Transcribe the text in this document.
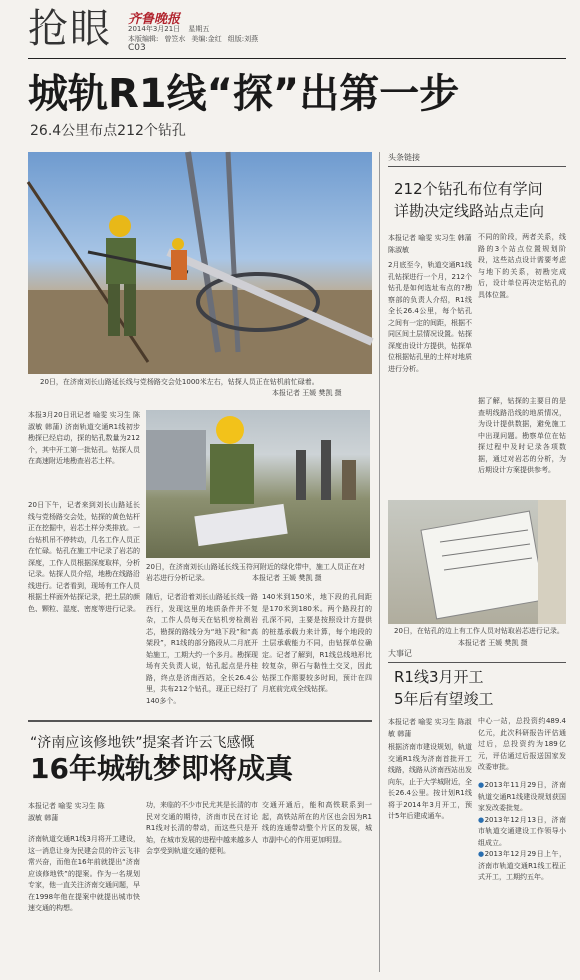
抢眼 齐鲁晚报
2014年3月21日 星期五
本版编辑: 曾笠水 美编:金红 组版:刘燕
C03
城轨R1线“探”出第一步
26.4公里布点212个钻孔
20日，在济南刘长山路延长线与党杨路交会处1000米左右，钻探人员正在钻机前忙碌着。
本报记者 王媛 樊凯 摄
本报3月20日讯记者 喻雯 实习生 陈淑敏 韩蒲) 济南轨道交通R1线初步勘探已经启动，探的钻孔数量为212个，其中开工第一批钻孔。钻探人员在高速附近地勘查岩芯土样。
20日下午，记者来到刘长山路延长线与党杨路交会处，钻探的黄色钻杆正在挖掘中，岩芯土样分类排放。一台钻机吊不停转动，几名工作人员正在忙碌。钻孔在施工中记录了岩芯的深度，工作人员根据深度取样，分析记录。钻探人员介绍，地勘在线路沿线进行。记者看到，现场有工作人员根据土样面外钻探记录，把土层的颜色、颗粒、湿度、密度等进行记录。
20日，在济南刘长山路延长线玉符河附近的绿化带中，施工人员正在对岩芯进行分析记录。	本报记者 王媛 樊凯 摄
随后，记者沿着刘长山路延长线一路西行，发现这里的地质条件并不复杂，工作人员每天在钻机旁检测岩芯，勘探的路线分为“地下段”和“高架段”，R1线的部分路段从二月底开始施工，工期大约一个多月。勘探现场有关负责人说，钻孔起点是丹桂路，终点是济南西站，全长26.4公里，共布212个钻孔，现正已经打了140多个。
140米到150米，地下段的孔间距是170米到180米。两个路段打的孔深不同，主要是按照设计方提供的桩基承载力来计算，每个地段的土层承载能力不同，由钻探单位确定。记者了解到，R1线总线地形比较复杂，卵石与黏性土交叉，因此钻探工作需要较多时间，预计在四月底前完成全线钻探。
头条链接
212个钻孔布位有学问
详勘决定线路站点走向
本报记者 喻雯 实习生 韩蒲 陈淑敏
2月底至今，轨道交通R1线孔钻探进行一个月，212个钻孔是如何选址布点的?勘察部的负责人介绍，R1线全长26.4公里，每个钻孔之间有一定的间距，根据不同区间土层情况设置。钻探深度由设计方提供，钻探单位根据钻孔里的土样对地质进行分析。
不同的阶段，两者关系，线路的3个站点位置规划阶段，这些站点设计需要考虑与地下的关系，初勘完成后，设计单位再决定钻孔的具体位置。
据了解，钻探的主要目的是查明线路沿线的地质情况，为设计提供数据，避免施工中出现问题。勘察单位在钻探过程中及时记录各项数据，通过对岩芯的分析，为后期设计方案提供参考。
20日，在钻孔的边上有工作人员对钻取岩芯进行记录。
本报记者 王媛 樊凯 摄
大事记
R1线3月开工
5年后有望竣工
本报记者 喻雯 实习生 陈淑敏 韩蒲
根据济南市建设规划，轨道交通R1线为济南首批开工线路，线路从济南西站出发向东，止于大学城附近，全长26.4公里。按计划R1线将于2014年3月开工，预计5年后建成通车。
中心一站，总投资约489.4亿元，此次科研报告评估通过后，总投资约为189亿元，评估通过后报送国家发改委审批。
●2013年11月29日，济南轨道交通R1线建设规划获国家发改委批复。
●2013年12月13日，济南市轨道交通建设工作领导小组成立。
●2013年12月29日上午，济南市轨道交通R1线工程正式开工，工期约五年。
“济南应该修地铁”提案者许云飞感慨
16年城轨梦即将成真
本报记者 喻雯 实习生 陈淑敏 韩蒲
济南轨道交通R1线3月将开工建设，这一消息让身为民建会员的许云飞非常兴奋，而他在16年前就提出“济南应该修地铁”的提案。作为一名规划专家，他一直关注济南交通问题，早在1998年他在提案中就提出城市快速交通的构想。
功，来临的不少市民尤其是长清的市民对交通的期待，济南市民在讨论R1线对长清的带动，而这些只是开始，在城市发展的进程中越来越多人会享受到轨道交通的便利。
交通开通后，能和高铁联系到一起，高铁站所在的片区也会因为R1线的连通带动整个片区的发展，城市副中心的作用更加明显。
